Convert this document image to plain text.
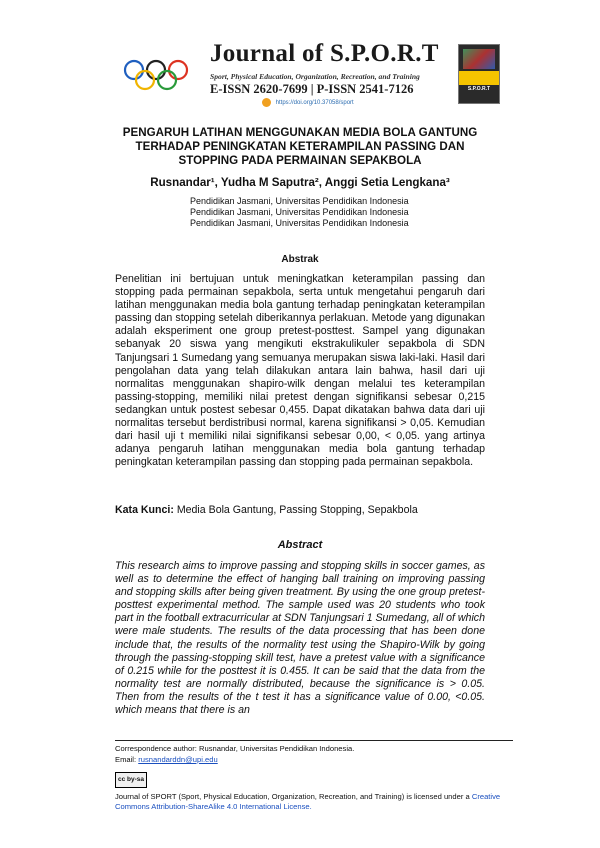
Journal of S.P.O.R.T
Sport, Physical Education, Organization, Recreation, and Training
E-ISSN 2620-7699 | P-ISSN 2541-7126
https://doi.org/10.37058/sport
S.P.O.R.T
PENGARUH LATIHAN MENGGUNAKAN MEDIA BOLA GANTUNG TERHADAP PENINGKATAN KETERAMPILAN PASSING DAN STOPPING PADA PERMAINAN SEPAKBOLA
Rusnandar¹, Yudha M Saputra², Anggi Setia Lengkana³
Pendidikan Jasmani, Universitas Pendidikan Indonesia
Pendidikan Jasmani, Universitas Pendidikan Indonesia
Pendidikan Jasmani, Universitas Pendidikan Indonesia
Abstrak

Penelitian ini bertujuan untuk meningkatkan keterampilan passing dan stopping pada permainan sepakbola, serta untuk mengetahui pengaruh dari latihan menggunakan media bola gantung terhadap peningkatan keterampilan passing dan stopping setelah diberikannya perlakuan. Metode yang digunakan adalah eksperiment one group pretest-posttest. Sampel yang digunakan sebanyak 20 siswa yang mengikuti ekstrakulikuler sepakbola di SDN Tanjungsari 1 Sumedang yang semuanya merupakan siswa laki-laki. Hasil dari pengolahan data yang telah dilakukan antara lain bahwa, hasil dari uji normalitas menggunakan shapiro-wilk dengan melalui tes keterampilan passing-stopping, memiliki nilai pretest dengan signifikansi sebesar 0,215 sedangkan untuk postest sebesar 0,455. Dapat dikatakan bahwa data dari uji normalitas tersebut berdistribusi normal, karena signifikansi > 0,05. Kemudian dari hasil uji t memiliki nilai signifikansi sebesar 0,00, < 0,05. yang artinya adanya pengaruh latihan menggunakan media bola gantung terhadap peningkatan keterampilan passing dan stopping pada permainan sepakbola.

Kata Kunci: Media Bola Gantung, Passing Stopping, Sepakbola
Abstract

This research aims to improve passing and stopping skills in soccer games, as well as to determine the effect of hanging ball training on improving passing and stopping skills after being given treatment. By using the one group pretest-posttest experimental method. The sample used was 20 students who took part in the football extracurricular at SDN Tanjungsari 1 Sumedang, all of which were male students. The results of the data processing that has been done include that, the results of the normality test using the Shapiro-Wilk by going through the passing-stopping skill test, have a pretest value with a significance of 0.215 while for the posttest it is 0.455. It can be said that the data from the normality test are normally distributed, because the significance is > 0.05. Then from the results of the t test it has a significance value of 0.00, <0.05. which means that there is an

Correspondence author: Rusnandar, Universitas Pendidikan Indonesia.
Email: rusnandarddn@upi.edu
cc by-sa
Journal of SPORT (Sport, Physical Education, Organization, Recreation, and Training) is licensed under a Creative Commons Attribution-ShareAlike 4.0 International License.
